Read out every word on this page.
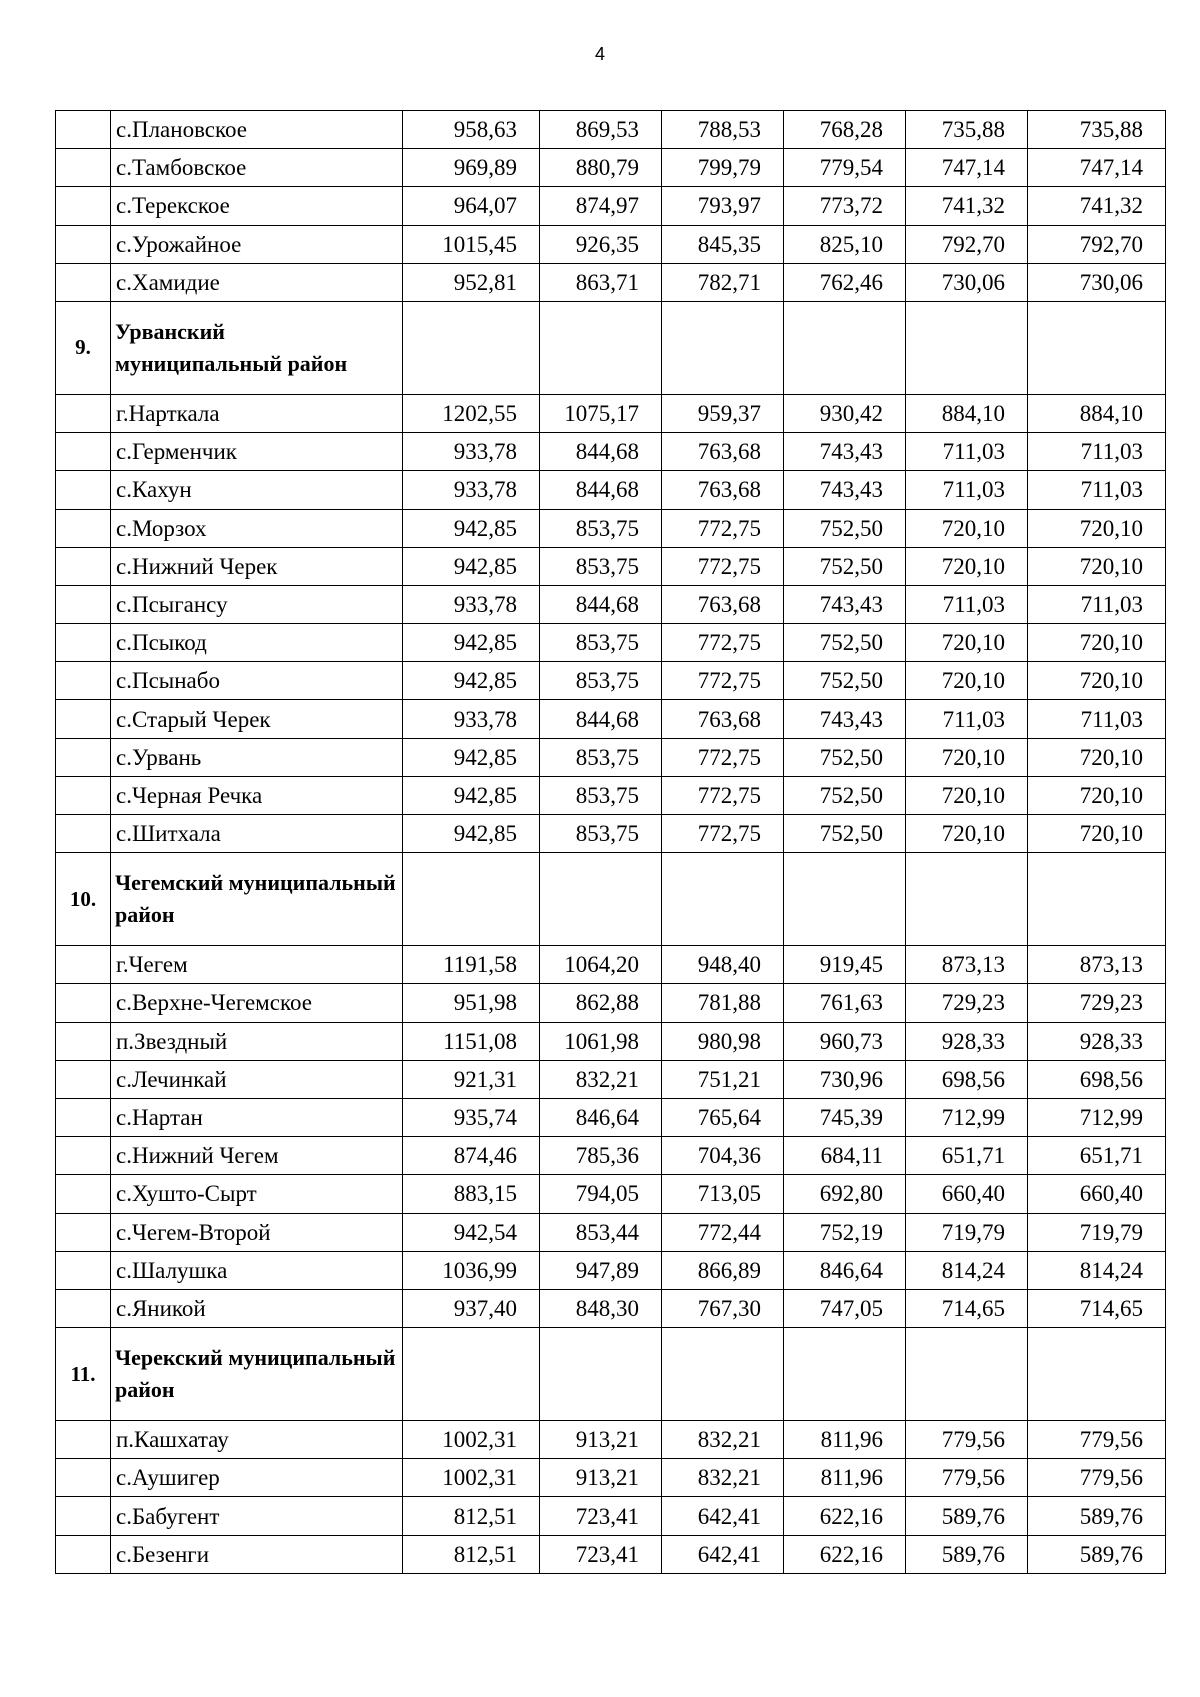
4
	с.Плановское	958,63	869,53	788,53	768,28	735,88	735,88
	с.Тамбовское	969,89	880,79	799,79	779,54	747,14	747,14
	с.Терекское	964,07	874,97	793,97	773,72	741,32	741,32
	с.Урожайное	1015,45	926,35	845,35	825,10	792,70	792,70
	с.Хамидие	952,81	863,71	782,71	762,46	730,06	730,06
9.	Урванский муниципальный район						
	г.Нарткала	1202,55	1075,17	959,37	930,42	884,10	884,10
	с.Герменчик	933,78	844,68	763,68	743,43	711,03	711,03
	с.Кахун	933,78	844,68	763,68	743,43	711,03	711,03
	с.Морзох	942,85	853,75	772,75	752,50	720,10	720,10
	с.Нижний Черек	942,85	853,75	772,75	752,50	720,10	720,10
	с.Псыгансу	933,78	844,68	763,68	743,43	711,03	711,03
	с.Псыкод	942,85	853,75	772,75	752,50	720,10	720,10
	с.Псынабо	942,85	853,75	772,75	752,50	720,10	720,10
	с.Старый Черек	933,78	844,68	763,68	743,43	711,03	711,03
	с.Урвань	942,85	853,75	772,75	752,50	720,10	720,10
	с.Черная Речка	942,85	853,75	772,75	752,50	720,10	720,10
	с.Шитхала	942,85	853,75	772,75	752,50	720,10	720,10
10.	Чегемский муниципальный район						
	г.Чегем	1191,58	1064,20	948,40	919,45	873,13	873,13
	с.Верхне-Чегемское	951,98	862,88	781,88	761,63	729,23	729,23
	п.Звездный	1151,08	1061,98	980,98	960,73	928,33	928,33
	с.Лечинкай	921,31	832,21	751,21	730,96	698,56	698,56
	с.Нартан	935,74	846,64	765,64	745,39	712,99	712,99
	с.Нижний Чегем	874,46	785,36	704,36	684,11	651,71	651,71
	с.Хушто-Сырт	883,15	794,05	713,05	692,80	660,40	660,40
	с.Чегем-Второй	942,54	853,44	772,44	752,19	719,79	719,79
	с.Шалушка	1036,99	947,89	866,89	846,64	814,24	814,24
	с.Яникой	937,40	848,30	767,30	747,05	714,65	714,65
11.	Черекский муниципальный район						
	п.Кашхатау	1002,31	913,21	832,21	811,96	779,56	779,56
	с.Аушигер	1002,31	913,21	832,21	811,96	779,56	779,56
	с.Бабугент	812,51	723,41	642,41	622,16	589,76	589,76
	с.Безенги	812,51	723,41	642,41	622,16	589,76	589,76
